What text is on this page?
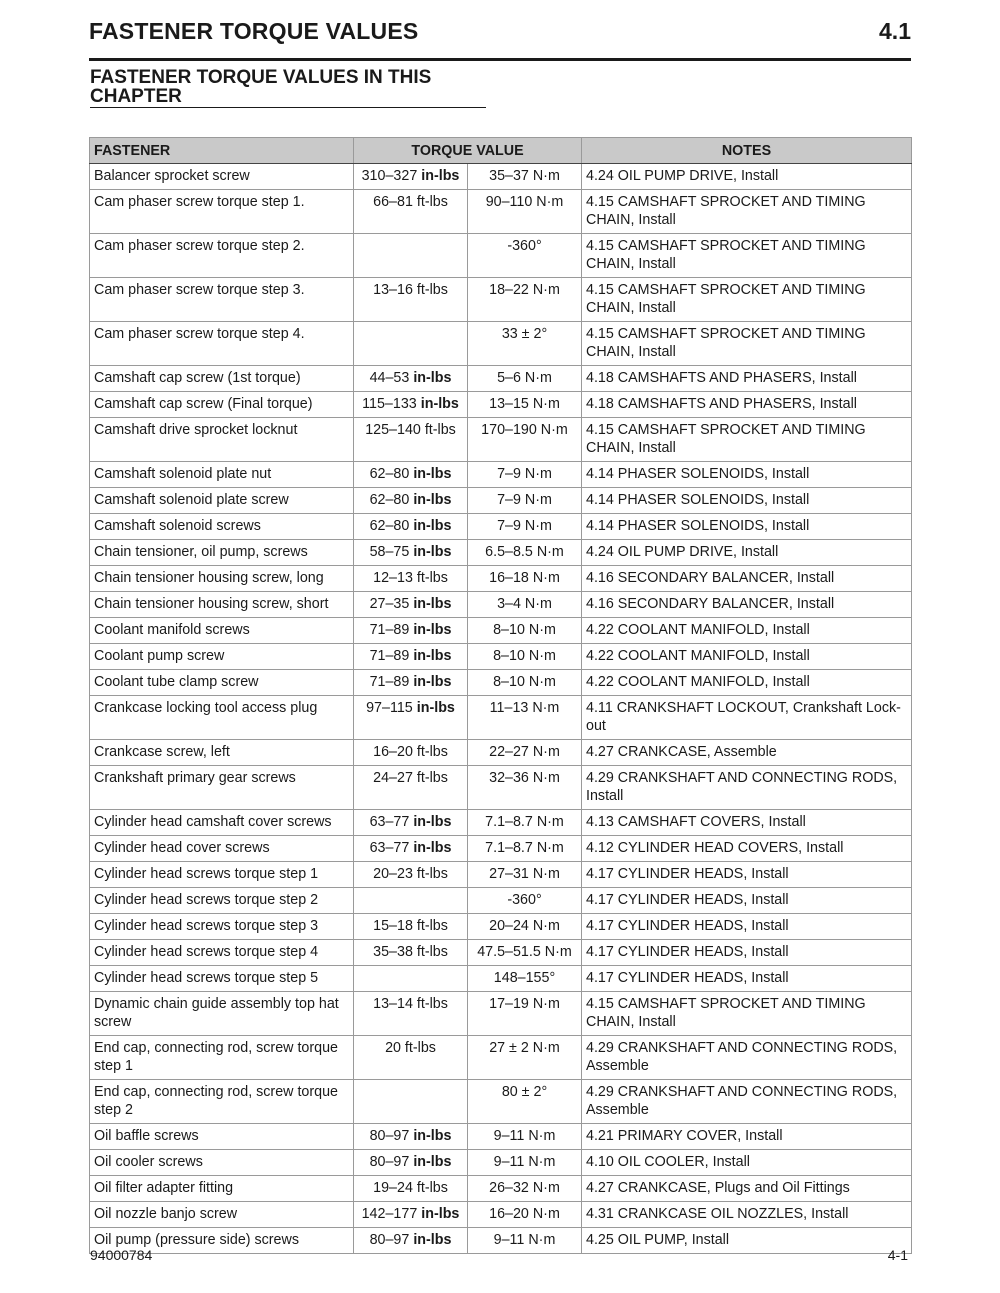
FASTENER TORQUE VALUES	4.1
FASTENER TORQUE VALUES IN THIS CHAPTER
FASTENER	TORQUE VALUE		NOTES
Balancer sprocket screw	310–327 in-lbs	35–37 N·m	4.24 OIL PUMP DRIVE, Install
Cam phaser screw torque step 1.	66–81 ft-lbs	90–110 N·m	4.15 CAMSHAFT SPROCKET AND TIMING CHAIN, Install
Cam phaser screw torque step 2.		-360°	4.15 CAMSHAFT SPROCKET AND TIMING CHAIN, Install
Cam phaser screw torque step 3.	13–16 ft-lbs	18–22 N·m	4.15 CAMSHAFT SPROCKET AND TIMING CHAIN, Install
Cam phaser screw torque step 4.		33 ± 2°	4.15 CAMSHAFT SPROCKET AND TIMING CHAIN, Install
Camshaft cap screw (1st torque)	44–53 in-lbs	5–6 N·m	4.18 CAMSHAFTS AND PHASERS, Install
Camshaft cap screw (Final torque)	115–133 in-lbs	13–15 N·m	4.18 CAMSHAFTS AND PHASERS, Install
Camshaft drive sprocket locknut	125–140 ft-lbs	170–190 N·m	4.15 CAMSHAFT SPROCKET AND TIMING CHAIN, Install
Camshaft solenoid plate nut	62–80 in-lbs	7–9 N·m	4.14 PHASER SOLENOIDS, Install
Camshaft solenoid plate screw	62–80 in-lbs	7–9 N·m	4.14 PHASER SOLENOIDS, Install
Camshaft solenoid screws	62–80 in-lbs	7–9 N·m	4.14 PHASER SOLENOIDS, Install
Chain tensioner, oil pump, screws	58–75 in-lbs	6.5–8.5 N·m	4.24 OIL PUMP DRIVE, Install
Chain tensioner housing screw, long	12–13 ft-lbs	16–18 N·m	4.16 SECONDARY BALANCER, Install
Chain tensioner housing screw, short	27–35 in-lbs	3–4 N·m	4.16 SECONDARY BALANCER, Install
Coolant manifold screws	71–89 in-lbs	8–10 N·m	4.22 COOLANT MANIFOLD, Install
Coolant pump screw	71–89 in-lbs	8–10 N·m	4.22 COOLANT MANIFOLD, Install
Coolant tube clamp screw	71–89 in-lbs	8–10 N·m	4.22 COOLANT MANIFOLD, Install
Crankcase locking tool access plug	97–115 in-lbs	11–13 N·m	4.11 CRANKSHAFT LOCKOUT, Crankshaft Lock-out
Crankcase screw, left	16–20 ft-lbs	22–27 N·m	4.27 CRANKCASE, Assemble
Crankshaft primary gear screws	24–27 ft-lbs	32–36 N·m	4.29 CRANKSHAFT AND CONNECTING RODS, Install
Cylinder head camshaft cover screws	63–77 in-lbs	7.1–8.7 N·m	4.13 CAMSHAFT COVERS, Install
Cylinder head cover screws	63–77 in-lbs	7.1–8.7 N·m	4.12 CYLINDER HEAD COVERS, Install
Cylinder head screws torque step 1	20–23 ft-lbs	27–31 N·m	4.17 CYLINDER HEADS, Install
Cylinder head screws torque step 2		-360°	4.17 CYLINDER HEADS, Install
Cylinder head screws torque step 3	15–18 ft-lbs	20–24 N·m	4.17 CYLINDER HEADS, Install
Cylinder head screws torque step 4	35–38 ft-lbs	47.5–51.5 N·m	4.17 CYLINDER HEADS, Install
Cylinder head screws torque step 5		148–155°	4.17 CYLINDER HEADS, Install
Dynamic chain guide assembly top hat screw	13–14 ft-lbs	17–19 N·m	4.15 CAMSHAFT SPROCKET AND TIMING CHAIN, Install
End cap, connecting rod, screw torque step 1	20 ft-lbs	27 ± 2 N·m	4.29 CRANKSHAFT AND CONNECTING RODS, Assemble
End cap, connecting rod, screw torque step 2		80 ± 2°	4.29 CRANKSHAFT AND CONNECTING RODS, Assemble
Oil baffle screws	80–97 in-lbs	9–11 N·m	4.21 PRIMARY COVER, Install
Oil cooler screws	80–97 in-lbs	9–11 N·m	4.10 OIL COOLER, Install
Oil filter adapter fitting	19–24 ft-lbs	26–32 N·m	4.27 CRANKCASE, Plugs and Oil Fittings
Oil nozzle banjo screw	142–177 in-lbs	16–20 N·m	4.31 CRANKCASE OIL NOZZLES, Install
Oil pump (pressure side) screws	80–97 in-lbs	9–11 N·m	4.25 OIL PUMP, Install
94000784	4-1
